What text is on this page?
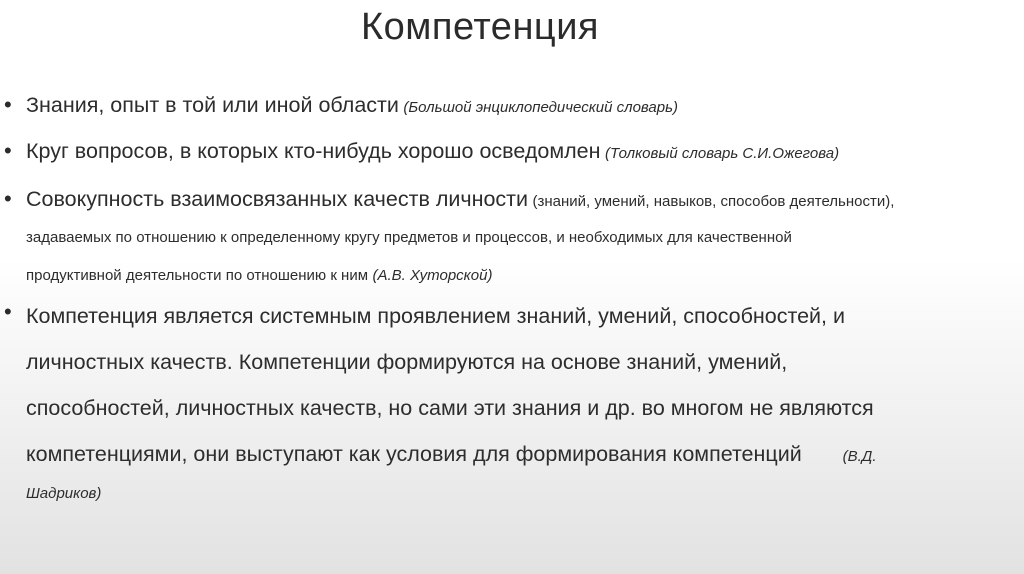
Компетенция
• Знания, опыт в той или иной области (Большой энциклопедический словарь)
• Круг вопросов, в которых кто-нибудь хорошо осведомлен (Толковый словарь С.И.Ожегова)
• Совокупность взаимосвязанных качеств личности (знаний, умений, навыков, способов деятельности),
задаваемых по отношению к определенному кругу предметов и процессов, и необходимых для качественной
продуктивной деятельности по отношению к ним (А.В. Хуторской)
• Компетенция является системным проявлением знаний, умений, способностей, и
личностных качеств. Компетенции формируются на основе знаний, умений,
способностей, личностных качеств, но сами эти знания и др. во многом не являются
компетенциями, они выступают как условия для формирования компетенций	(В.Д.
Шадриков)
